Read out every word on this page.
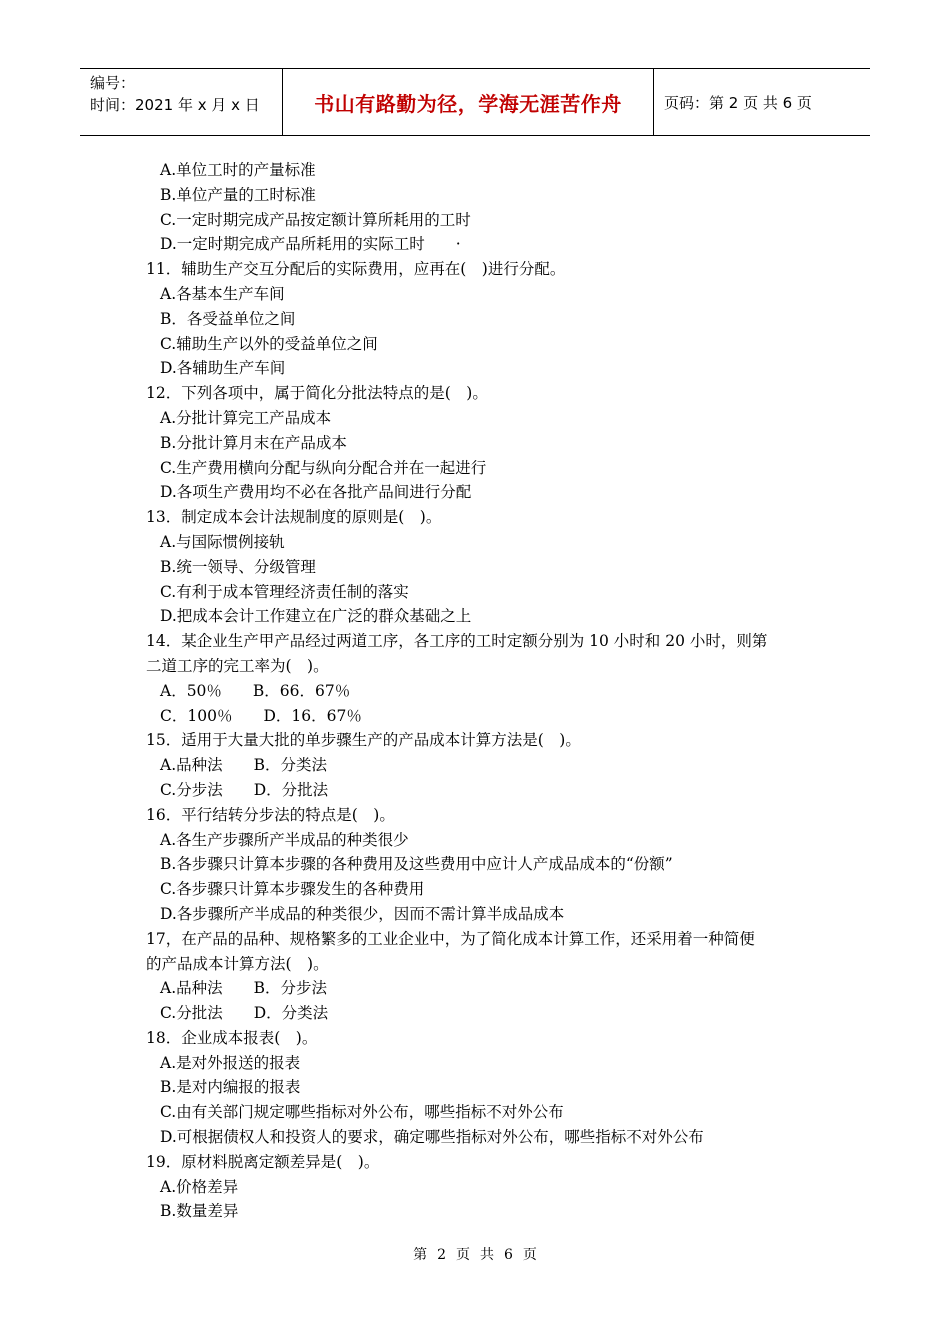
编号：
时间：2021 年 x 月 x 日	书山有路勤为径，学海无涯苦作舟	页码：第 2 页 共 6 页
A.单位工时的产量标准
B.单位产量的工时标准
C.一定时期完成产品按定额计算所耗用的工时
D.一定时期完成产品所耗用的实际工时　　·
11．辅助生产交互分配后的实际费用，应再在(　)进行分配。
A.各基本生产车间
B．各受益单位之间
C.辅助生产以外的受益单位之间
D.各辅助生产车间
12．下列各项中，属于简化分批法特点的是(　)。
A.分批计算完工产品成本
B.分批计算月末在产品成本
C.生产费用横向分配与纵向分配合并在一起进行
D.各项生产费用均不必在各批产品间进行分配
13．制定成本会计法规制度的原则是(　)。
A.与国际惯例接轨
B.统一领导、分级管理
C.有利于成本管理经济责任制的落实
D.把成本会计工作建立在广泛的群众基础之上
14．某企业生产甲产品经过两道工序，各工序的工时定额分别为 10 小时和 20 小时，则第
二道工序的完工率为(　)。
A．50％　　B．66．67％
C．100％　　D．16．67％
15．适用于大量大批的单步骤生产的产品成本计算方法是(　)。
A.品种法　　B．分类法
C.分步法　　D．分批法
16．平行结转分步法的特点是(　)。
A.各生产步骤所产半成品的种类很少
B.各步骤只计算本步骤的各种费用及这些费用中应计人产成品成本的“份额”
C.各步骤只计算本步骤发生的各种费用
D.各步骤所产半成品的种类很少，因而不需计算半成品成本
17，在产品的品种、规格繁多的工业企业中，为了简化成本计算工作，还采用着一种简便
的产品成本计算方法(　)。
A.品种法　　B．分步法
C.分批法　　D．分类法
18．企业成本报表(　)。
A.是对外报送的报表
B.是对内编报的报表
C.由有关部门规定哪些指标对外公布，哪些指标不对外公布
D.可根据债权人和投资人的要求，确定哪些指标对外公布，哪些指标不对外公布
19．原材料脱离定额差异是(　)。
A.价格差异
B.数量差异
第 2 页 共 6 页
